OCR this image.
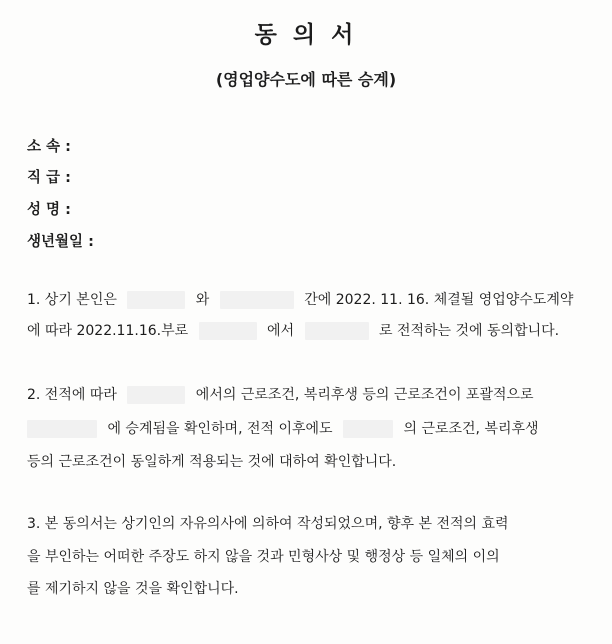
동 의 서
(영업양수도에 따른 승계)
소 속 :
직 급 :
성 명 :
생년월일 :
1. 상기 본인은	와	간에 2022. 11. 16. 체결될 영업양수도계약
에 따라 2022.11.16.부로	에서	로 전적하는 것에 동의합니다.
2. 전적에 따라	에서의 근로조건, 복리후생 등의 근로조건이 포괄적으로
에 승계됨을 확인하며, 전적 이후에도	의 근로조건, 복리후생
등의 근로조건이 동일하게 적용되는 것에 대하여 확인합니다.
3. 본 동의서는 상기인의 자유의사에 의하여 작성되었으며, 향후 본 전적의 효력
을 부인하는 어떠한 주장도 하지 않을 것과 민형사상 및 행정상 등 일체의 이의
를 제기하지 않을 것을 확인합니다.
